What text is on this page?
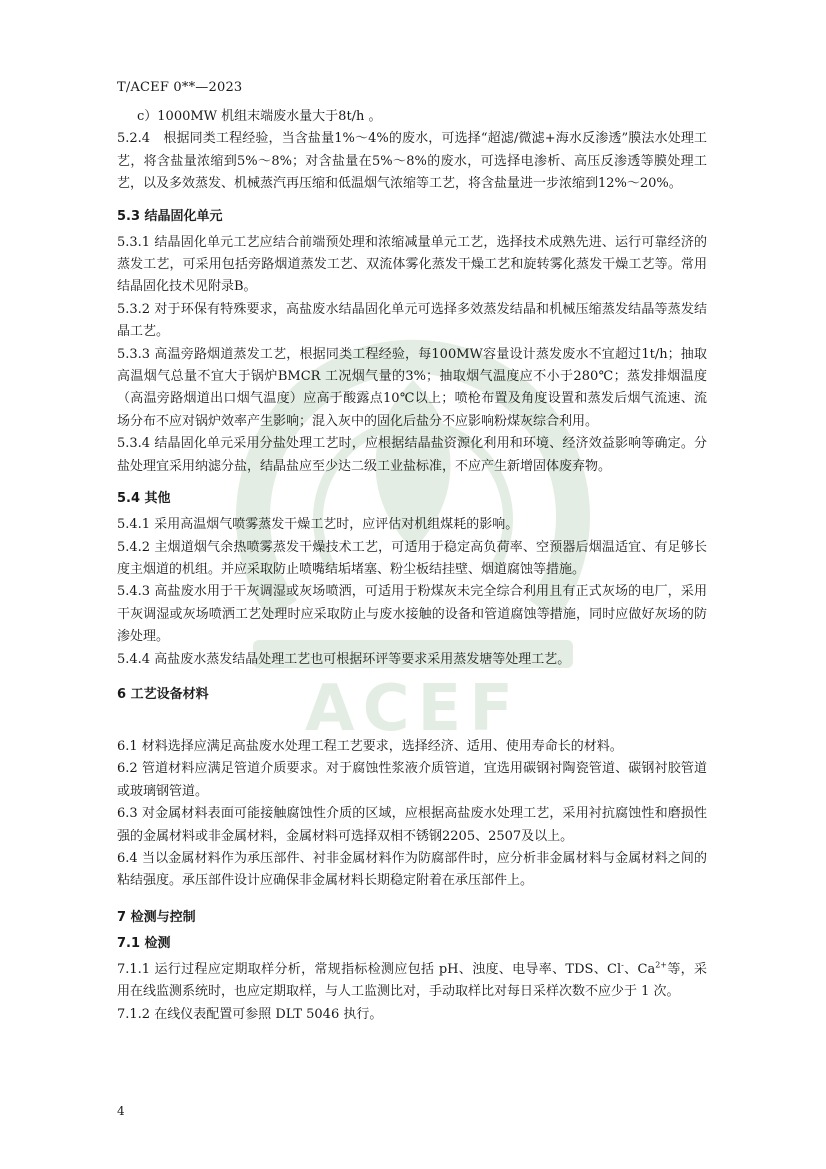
ACEF
T/ACEF 0**—2023

c）1000MW 机组末端废水量大于8t/h 。

5.2.4　根据同类工程经验，当含盐量1%～4%的废水，可选择“超滤/微滤+海水反渗透”膜法水处理工艺，将含盐量浓缩到5%～8%；对含盐量在5%～8%的废水，可选择电渗析、高压反渗透等膜处理工艺，以及多效蒸发、机械蒸汽再压缩和低温烟气浓缩等工艺，将含盐量进一步浓缩到12%～20%。

5.3 结晶固化单元

5.3.1 结晶固化单元工艺应结合前端预处理和浓缩减量单元工艺，选择技术成熟先进、运行可靠经济的蒸发工艺，可采用包括旁路烟道蒸发工艺、双流体雾化蒸发干燥工艺和旋转雾化蒸发干燥工艺等。常用结晶固化技术见附录B。

5.3.2 对于环保有特殊要求，高盐废水结晶固化单元可选择多效蒸发结晶和机械压缩蒸发结晶等蒸发结晶工艺。

5.3.3 高温旁路烟道蒸发工艺，根据同类工程经验，每100MW容量设计蒸发废水不宜超过1t/h；抽取高温烟气总量不宜大于锅炉BMCR 工况烟气量的3%；抽取烟气温度应不小于280℃；蒸发排烟温度（高温旁路烟道出口烟气温度）应高于酸露点10℃以上；喷枪布置及角度设置和蒸发后烟气流速、流场分布不应对锅炉效率产生影响；混入灰中的固化后盐分不应影响粉煤灰综合利用。

5.3.4 结晶固化单元采用分盐处理工艺时，应根据结晶盐资源化利用和环境、经济效益影响等确定。分盐处理宜采用纳滤分盐，结晶盐应至少达二级工业盐标准，不应产生新增固体废弃物。

5.4 其他

5.4.1 采用高温烟气喷雾蒸发干燥工艺时，应评估对机组煤耗的影响。

5.4.2 主烟道烟气余热喷雾蒸发干燥技术工艺，可适用于稳定高负荷率、空预器后烟温适宜、有足够长度主烟道的机组。并应采取防止喷嘴结垢堵塞、粉尘板结挂壁、烟道腐蚀等措施。

5.4.3 高盐废水用于干灰调湿或灰场喷洒，可适用于粉煤灰未完全综合利用且有正式灰场的电厂，采用干灰调湿或灰场喷洒工艺处理时应采取防止与废水接触的设备和管道腐蚀等措施，同时应做好灰场的防渗处理。

5.4.4 高盐废水蒸发结晶处理工艺也可根据环评等要求采用蒸发塘等处理工艺。

6 工艺设备材料

6.1 材料选择应满足高盐废水处理工程工艺要求，选择经济、适用、使用寿命长的材料。

6.2 管道材料应满足管道介质要求。对于腐蚀性浆液介质管道，宜选用碳钢衬陶瓷管道、碳钢衬胶管道或玻璃钢管道。

6.3 对金属材料表面可能接触腐蚀性介质的区域，应根据高盐废水处理工艺，采用衬抗腐蚀性和磨损性强的金属材料或非金属材料，金属材料可选择双相不锈钢2205、2507及以上。

6.4 当以金属材料作为承压部件、衬非金属材料作为防腐部件时，应分析非金属材料与金属材料之间的粘结强度。承压部件设计应确保非金属材料长期稳定附着在承压部件上。

7 检测与控制
7.1 检测

7.1.1 运行过程应定期取样分析，常规指标检测应包括 pH、浊度、电导率、TDS、Cl-、$Ca^{2+}$等，采用在线监测系统时，也应定期取样，与人工监测比对，手动取样比对每日采样次数不应少于 1 次。

7.1.2 在线仪表配置可参照 DLT 5046 执行。

4
